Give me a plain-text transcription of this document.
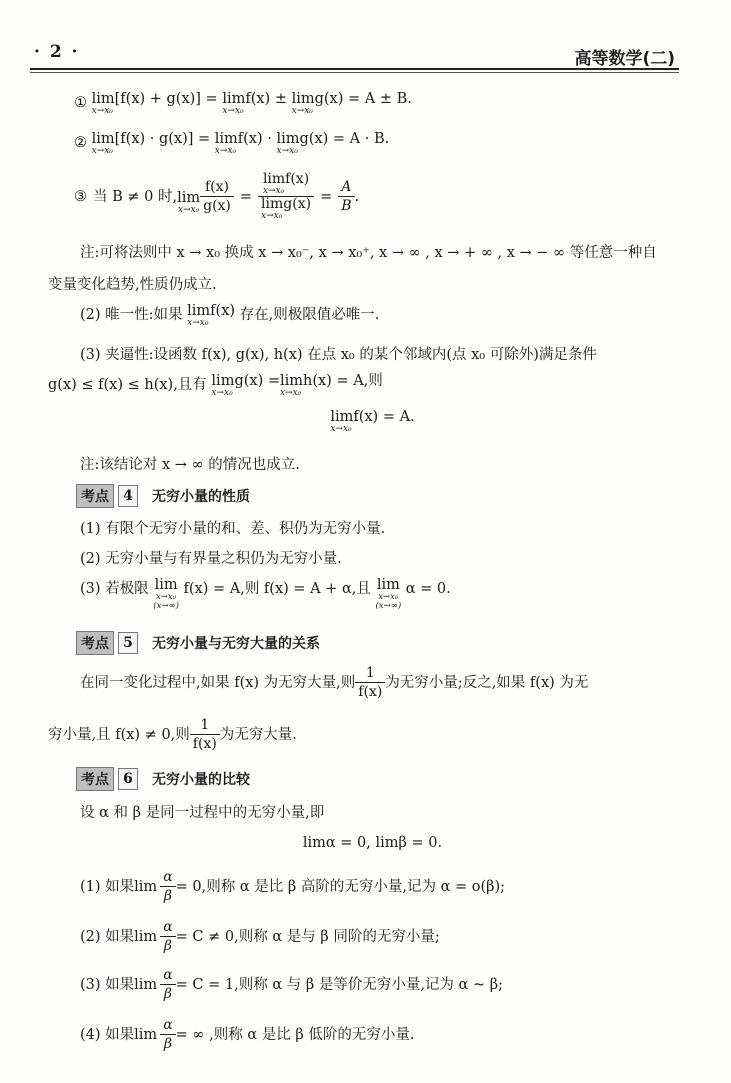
· 2 ·	高等数学(二)
① lim[f(x) + g(x)] =
x→x₀
limf(x) ±
x→x₀
limg(x) = A ± B.
x→x₀
② lim[f(x) · g(x)] =
x→x₀
limf(x) ·
x→x₀
limg(x) = A · B.
x→x₀
③ 当 B ≠ 0 时, lim
$x\to x_0 \frac{f(x)}{g(x)} = \lim f(x)$
x→x₀
limg(x)
$x\to x_0 = \frac{A}{B}$ .
注:可将法则中 x → x₀ 换成 x → x₀⁻, x → x₀⁺, x → ∞ , x → + ∞ , x → − ∞ 等任意一种自
变量变化趋势,性质仍成立.
(2) 唯一性:如果 limf(x)
x→x₀	存在,则极限值必唯一.
(3) 夹逼性:设函数 f(x), g(x), h(x) 在点 x₀ 的某个邻域内(点 x₀ 可除外)满足条件
g(x) ≤ f(x) ≤ h(x),且有 limg(x) =
x→x₀
limh(x) = A,则
x→x₀
limf(x) = A.
x→x₀
注:该结论对 x → ∞ 的情况也成立.
考点	4	无穷小量的性质
(1) 有限个无穷小量的和、差、积仍为无穷小量.
(2) 无穷小量与有界量之积仍为无穷小量.
(3) 若极限 lim
x→x₀
(x→∞)
f(x) = A,则 f(x) = A + α,且 lim
x→x₀
(x→∞)
α = 0.
考点	5	无穷小量与无穷大量的关系
在同一变化过程中,如果 f(x) 为无穷大量,则 $\frac{1}{f(x)}$ 为无穷小量;反之,如果 f(x) 为无
穷小量,且 f(x) ≠ 0,则 $\frac{1}{f(x)}$ 为无穷大量.
考点	6	无穷小量的比较
设 α 和 β 是同一过程中的无穷小量,即
limα = 0, limβ = 0.
(1) 如果 $\lim \frac{\alpha}{\beta} = 0$,则称 α 是比 β 高阶的无穷小量,记为 α = o(β);
(2) 如果 $\lim \frac{\alpha}{\beta} = C \ne 0$,则称 α 是与 β 同阶的无穷小量;
(3) 如果 $\lim \frac{\alpha}{\beta} = C = 1$,则称 α 与 β 是等价无穷小量,记为 α ~ β;
(4) 如果 $\lim \frac{\alpha}{\beta}$ = ∞ ,则称 α 是比 β 低阶的无穷小量.
